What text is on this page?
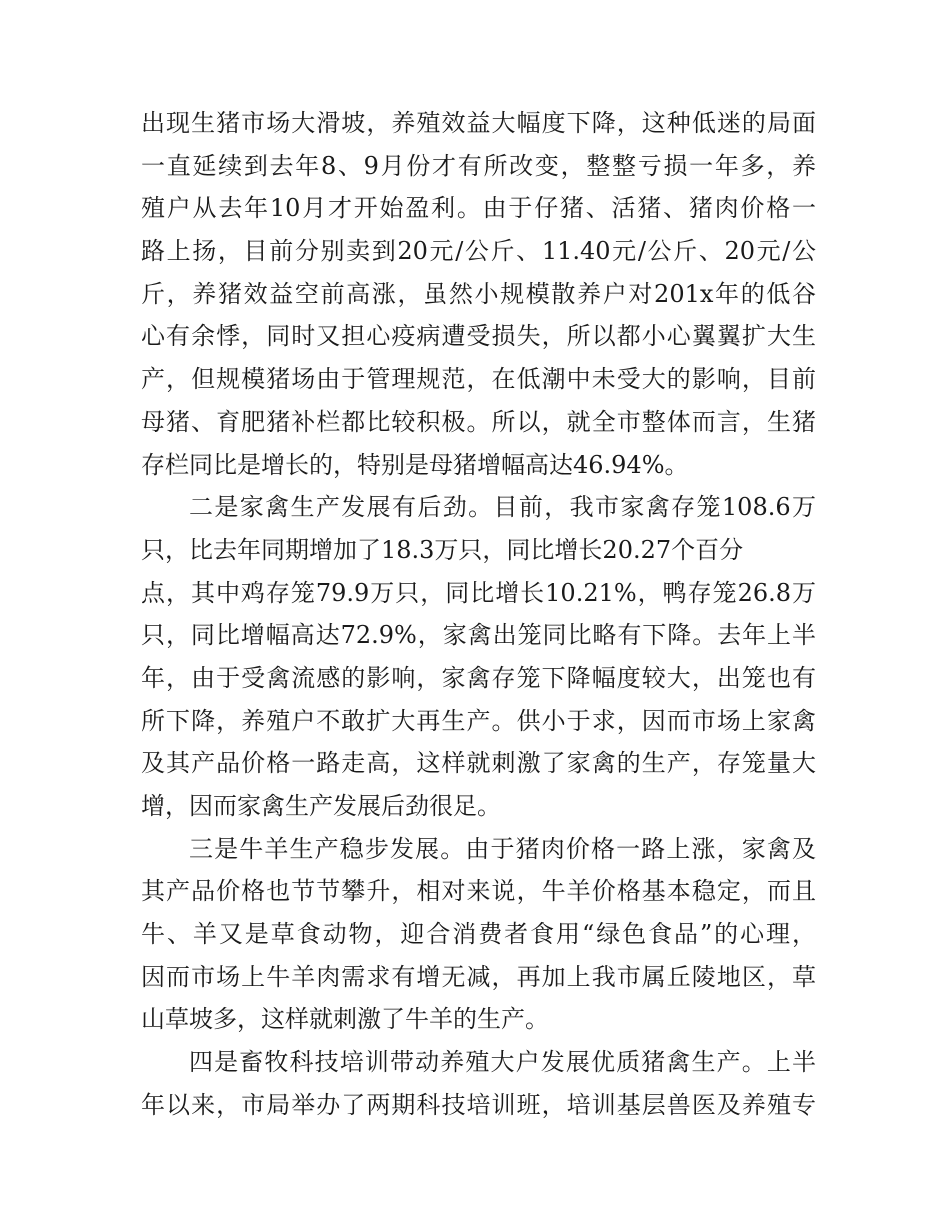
出现生猪市场大滑坡，养殖效益大幅度下降，这种低迷的局面
一直延续到去年8、9月份才有所改变，整整亏损一年多，养
殖户从去年10月才开始盈利。由于仔猪、活猪、猪肉价格一
路上扬，目前分别卖到20元/公斤、11.40元/公斤、20元/公
斤，养猪效益空前高涨，虽然小规模散养户对201x年的低谷
心有余悸，同时又担心疫病遭受损失，所以都小心翼翼扩大生
产，但规模猪场由于管理规范，在低潮中未受大的影响，目前
母猪、育肥猪补栏都比较积极。所以，就全市整体而言，生猪
存栏同比是增长的，特别是母猪增幅高达46.94%。
二是家禽生产发展有后劲。目前，我市家禽存笼108.6万
只，比去年同期增加了18.3万只，同比增长20.27个百分
点，其中鸡存笼79.9万只，同比增长10.21%，鸭存笼26.8万
只，同比增幅高达72.9%，家禽出笼同比略有下降。去年上半
年，由于受禽流感的影响，家禽存笼下降幅度较大，出笼也有
所下降，养殖户不敢扩大再生产。供小于求，因而市场上家禽
及其产品价格一路走高，这样就刺激了家禽的生产，存笼量大
增，因而家禽生产发展后劲很足。
三是牛羊生产稳步发展。由于猪肉价格一路上涨，家禽及
其产品价格也节节攀升，相对来说，牛羊价格基本稳定，而且
牛、羊又是草食动物，迎合消费者食用“绿色食品”的心理，
因而市场上牛羊肉需求有增无减，再加上我市属丘陵地区，草
山草坡多，这样就刺激了牛羊的生产。
四是畜牧科技培训带动养殖大户发展优质猪禽生产。上半
年以来，市局举办了两期科技培训班，培训基层兽医及养殖专
